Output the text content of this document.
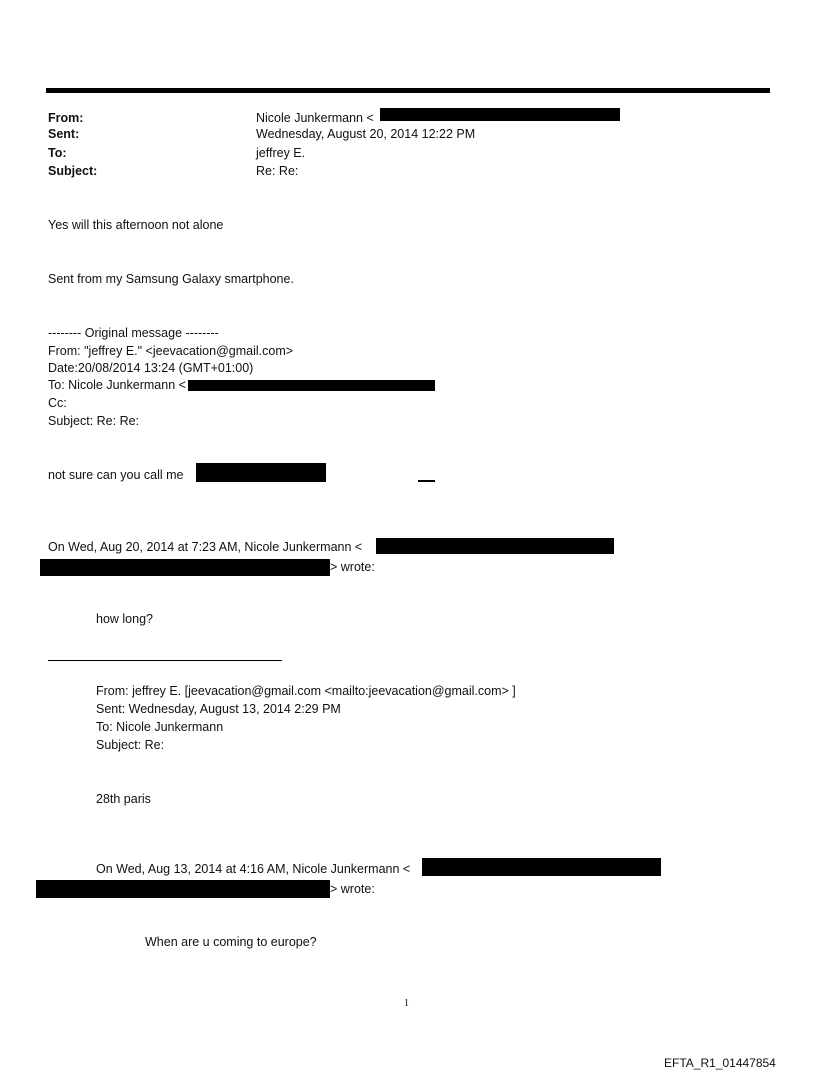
From:	Nicole Junkermann <
Sent:	Wednesday, August 20, 2014 12:22 PM
To:	jeffrey E.
Subject:	Re: Re:
Yes will this afternoon not alone
Sent from my Samsung Galaxy smartphone.
-------- Original message --------
From: "jeffrey E." <jeevacation@gmail.com>
Date:20/08/2014 13:24 (GMT+01:00)
To: Nicole Junkermann <
Cc:
Subject: Re: Re:
not sure can you call me
On Wed, Aug 20, 2014 at 7:23 AM, Nicole Junkermann <
> wrote:
how long?
From: jeffrey E. [jeevacation@gmail.com <mailto:jeevacation@gmail.com> ]
Sent: Wednesday, August 13, 2014 2:29 PM
To: Nicole Junkermann
Subject: Re:
28th paris
On Wed, Aug 13, 2014 at 4:16 AM, Nicole Junkermann <
> wrote:
When are u coming to europe?
1
EFTA_R1_01447854
